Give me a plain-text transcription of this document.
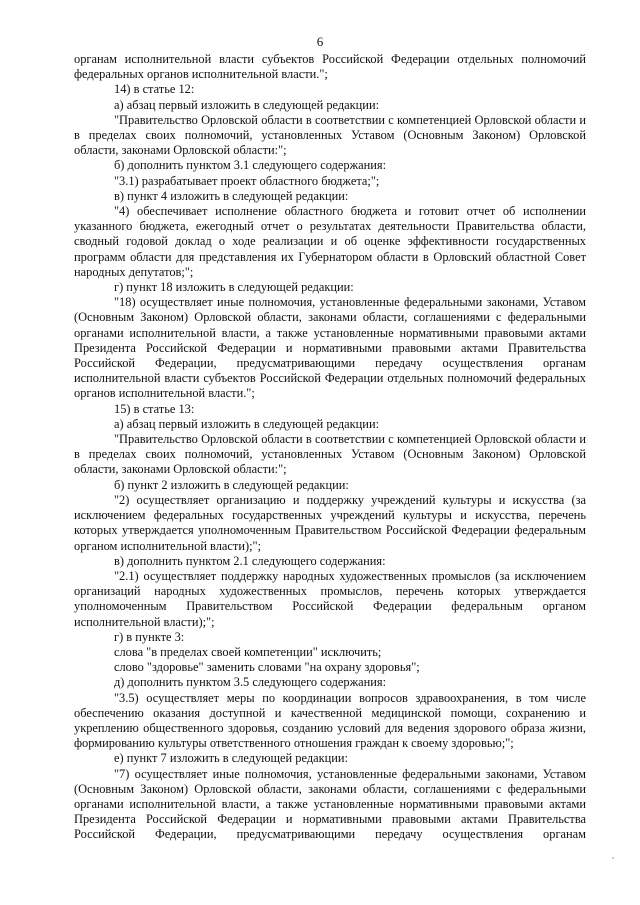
6

органам исполнительной власти субъектов Российской Федерации отдельных полномочий федеральных органов исполнительной власти.";

14) в статье 12:

а) абзац первый изложить в следующей редакции:

"Правительство Орловской области в соответствии с компетенцией Орловской области и в пределах своих полномочий, установленных Уставом (Основным Законом) Орловской области, законами Орловской области:";

б) дополнить пунктом 3.1 следующего содержания:

"3.1) разрабатывает проект областного бюджета;";

в) пункт 4 изложить в следующей редакции:

"4) обеспечивает исполнение областного бюджета и готовит отчет об исполнении указанного бюджета, ежегодный отчет о результатах деятельности Правительства области, сводный годовой доклад о ходе реализации и об оценке эффективности государственных программ области для представления их Губернатором области в Орловский областной Совет народных депутатов;";

г) пункт 18 изложить в следующей редакции:

"18) осуществляет иные полномочия, установленные федеральными законами, Уставом (Основным Законом) Орловской области, законами области, соглашениями с федеральными органами исполнительной власти, а также установленные нормативными правовыми актами Президента Российской Федерации и нормативными правовыми актами Правительства Российской Федерации, предусматривающими передачу осуществления органам исполнительной власти субъектов Российской Федерации отдельных полномочий федеральных органов исполнительной власти.";

15) в статье 13:

а) абзац первый изложить в следующей редакции:

"Правительство Орловской области в соответствии с компетенцией Орловской области и в пределах своих полномочий, установленных Уставом (Основным Законом) Орловской области, законами Орловской области:";

б) пункт 2 изложить в следующей редакции:

"2) осуществляет организацию и поддержку учреждений культуры и искусства (за исключением федеральных государственных учреждений культуры и искусства, перечень которых утверждается уполномоченным Правительством Российской Федерации федеральным органом исполнительной власти);";

в) дополнить пунктом 2.1 следующего содержания:

"2.1) осуществляет поддержку народных художественных промыслов (за исключением организаций народных художественных промыслов, перечень которых утверждается уполномоченным Правительством Российской Федерации федеральным органом исполнительной власти);";

г) в пункте 3:

слова "в пределах своей компетенции" исключить;

слово "здоровье" заменить словами "на охрану здоровья";

д) дополнить пунктом 3.5 следующего содержания:

"3.5) осуществляет меры по координации вопросов здравоохранения, в том числе обеспечению оказания доступной и качественной медицинской помощи, сохранению и укреплению общественного здоровья, созданию условий для ведения здорового образа жизни, формированию культуры ответственного отношения граждан к своему здоровью;";

е) пункт 7 изложить в следующей редакции:

"7) осуществляет иные полномочия, установленные федеральными законами, Уставом (Основным Законом) Орловской области, законами области, соглашениями с федеральными органами исполнительной власти, а также установленные нормативными правовыми актами Президента Российской Федерации и нормативными правовыми актами Правительства Российской Федерации, предусматривающими передачу осуществления органам
